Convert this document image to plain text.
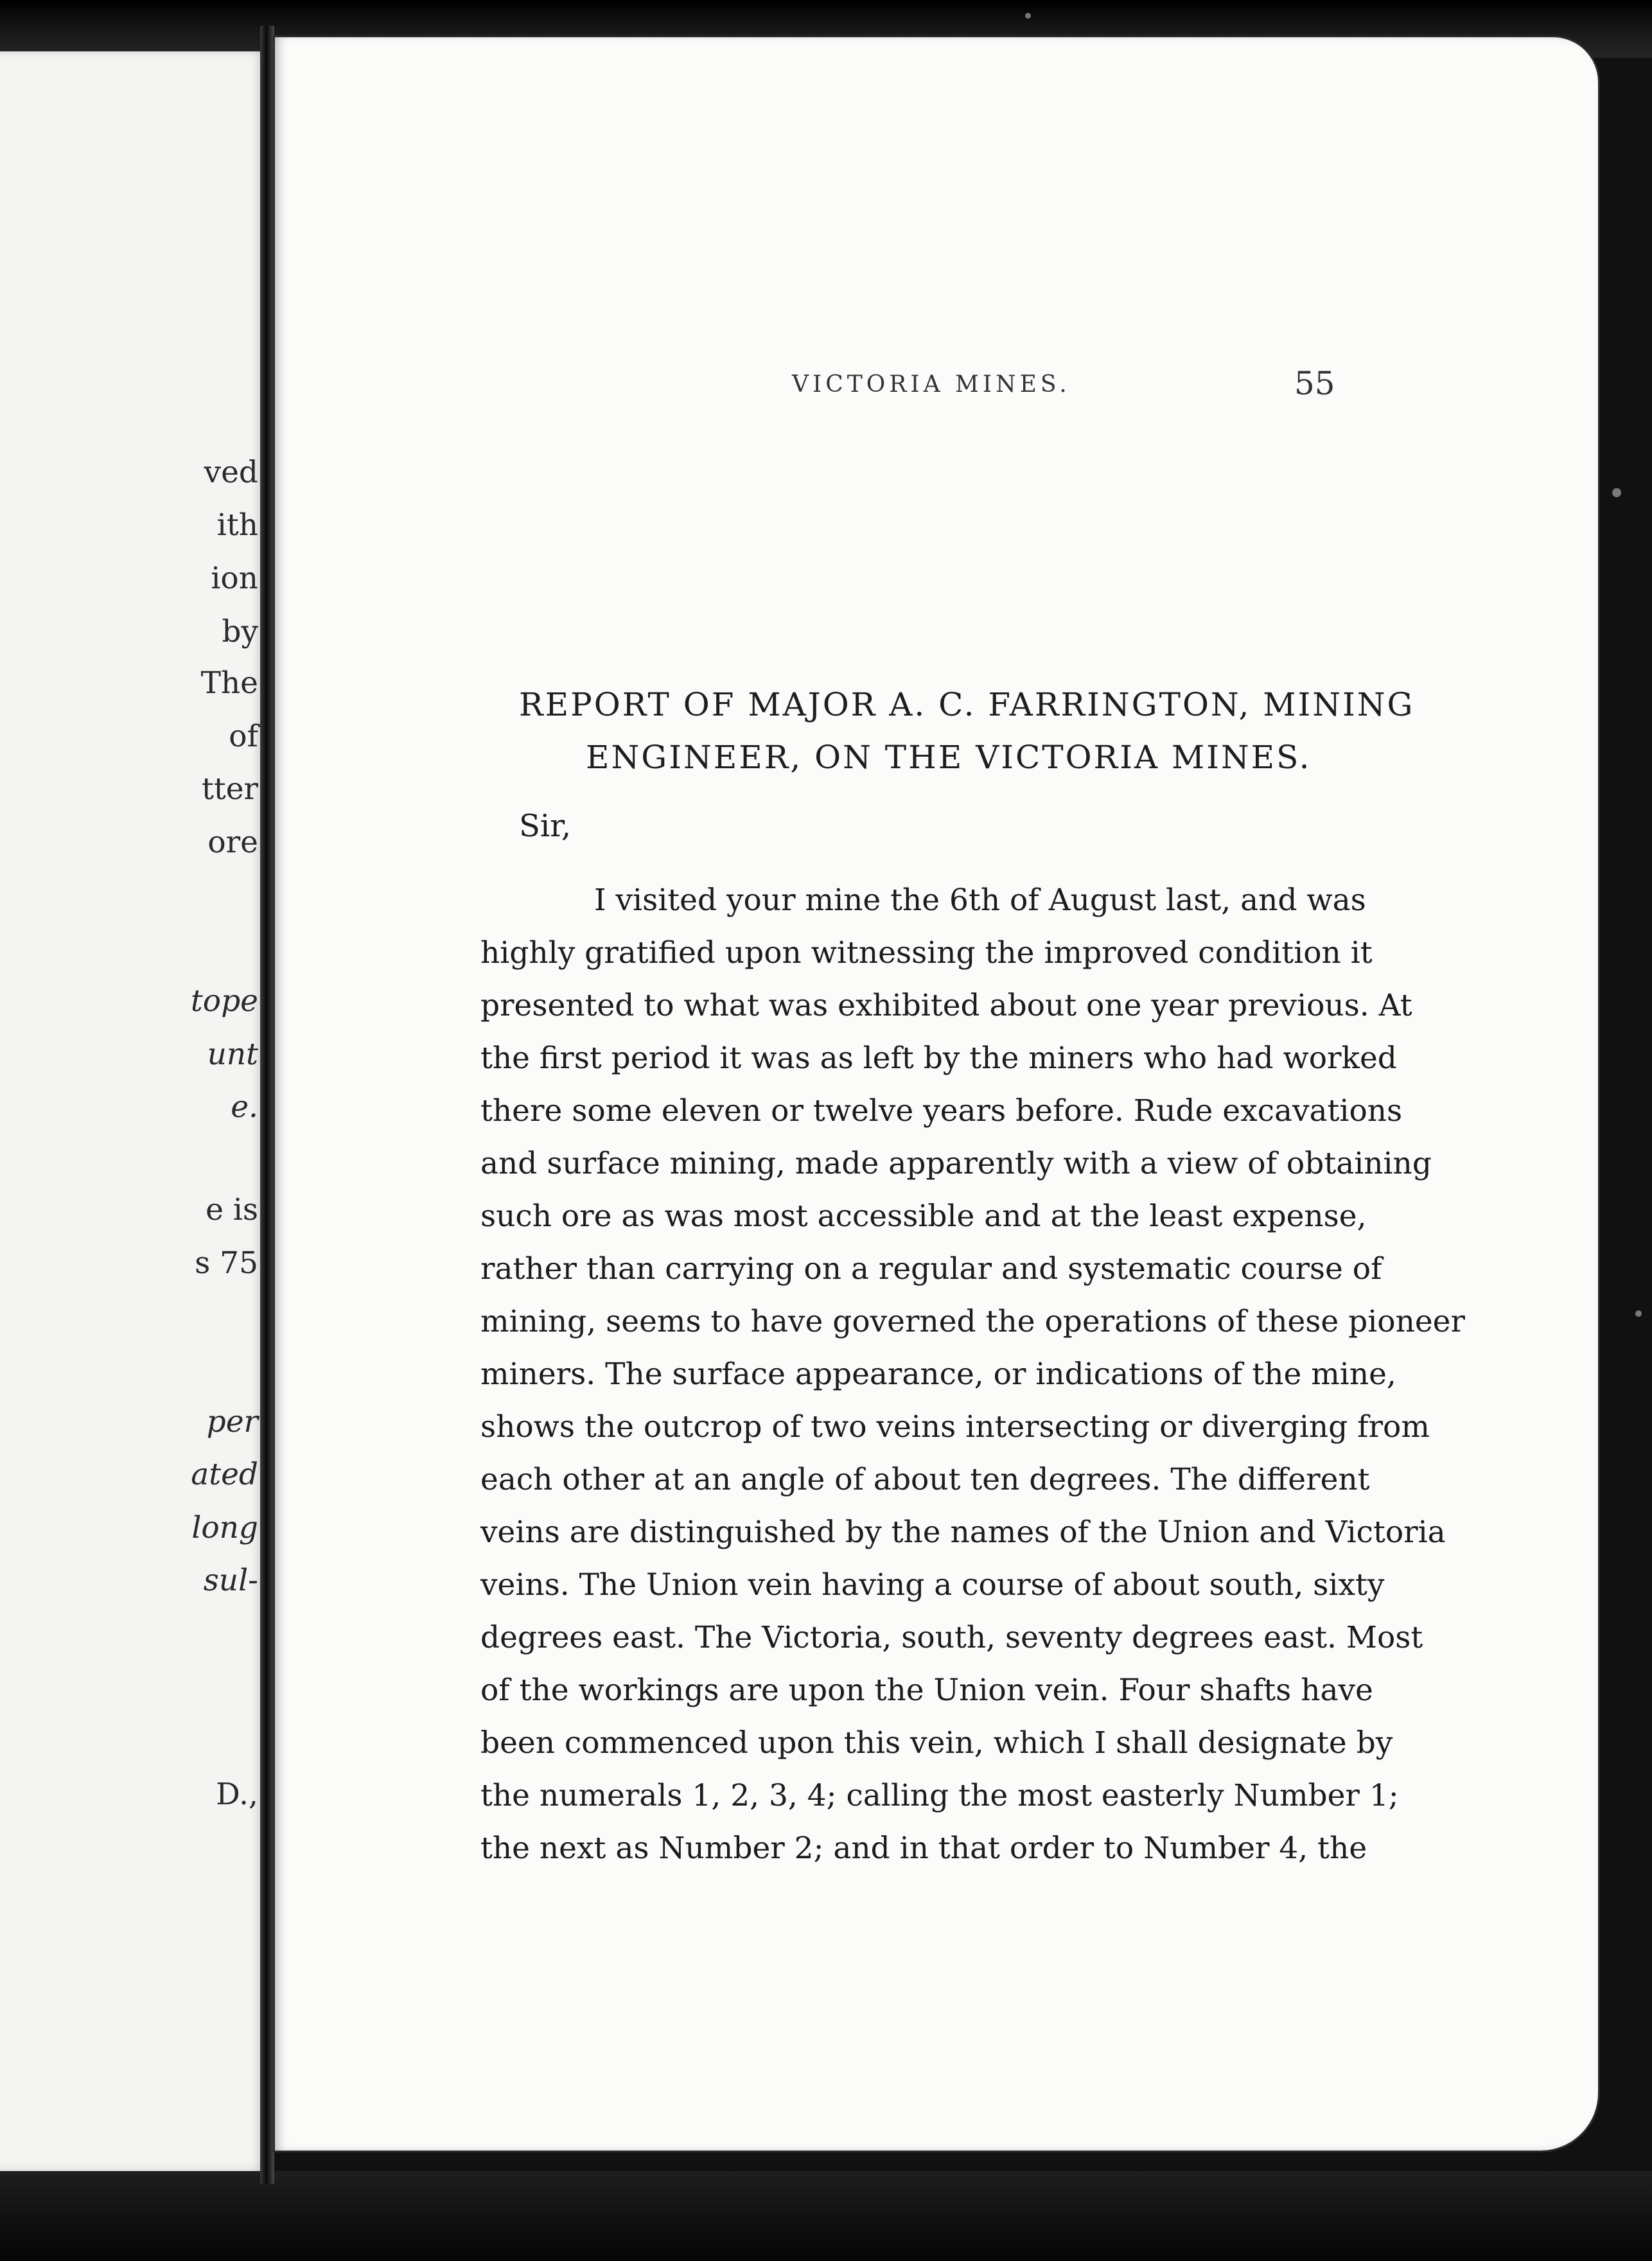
VICTORIA MINES.	55
REPORT OF MAJOR A. C. FARRINGTON, MINING
ENGINEER, ON THE VICTORIA MINES.
Sir,
I visited your mine the 6th of August last, and was
highly gratified upon witnessing the improved condition it
presented to what was exhibited about one year previous. At
the first period it was as left by the miners who had worked
there some eleven or twelve years before. Rude excavations
and surface mining, made apparently with a view of obtaining
such ore as was most accessible and at the least expense,
rather than carrying on a regular and systematic course of
mining, seems to have governed the operations of these pioneer
miners. The surface appearance, or indications of the mine,
shows the outcrop of two veins intersecting or diverging from
each other at an angle of about ten degrees. The different
veins are distinguished by the names of the Union and Victoria
veins. The Union vein having a course of about south, sixty
degrees east. The Victoria, south, seventy degrees east. Most
of the workings are upon the Union vein. Four shafts have
been commenced upon this vein, which I shall designate by
the numerals 1, 2, 3, 4; calling the most easterly Number 1;
the next as Number 2; and in that order to Number 4, the
ved
ith
ion
by
The
of
tter
ore
tope
unt
e.
e is
s 75
per
ated
long
sul-
D.,
